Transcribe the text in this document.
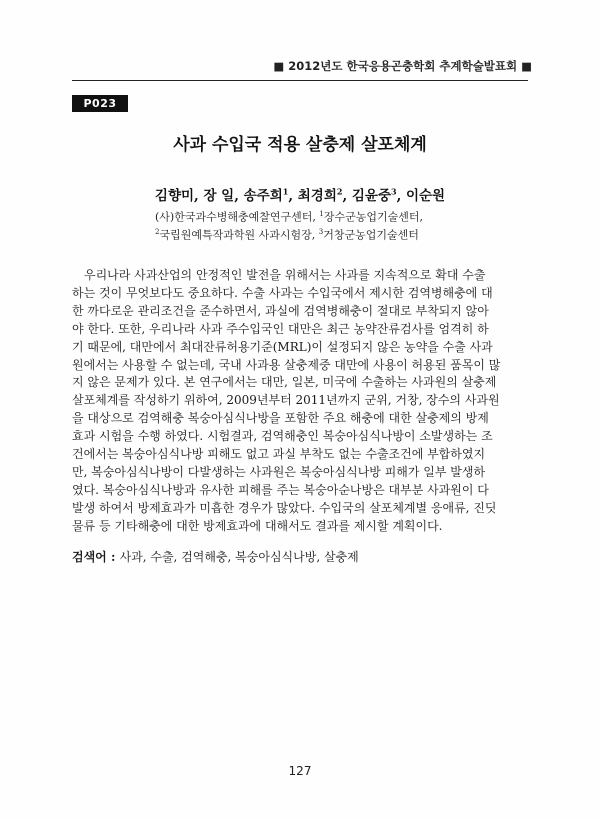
■ 2012년도 한국응용곤충학회 추계학술발표회 ■
P023
사과 수입국 적용 살충제 살포체계
김향미, 장 일, 송주희$^1$, 최경희$^2$, 김윤중$^3$, 이순원
(사)한국과수병해충예찰연구센터, $^1$장수군농업기술센터,
$^2$국립원예특작과학원 사과시험장, $^3$거창군농업기술센터
우리나라 사과산업의 안정적인 발전을 위해서는 사과를 지속적으로 확대 수출
하는 것이 무엇보다도 중요하다. 수출 사과는 수입국에서 제시한 검역병해충에 대
한 까다로운 관리조건을 준수하면서, 과실에 검역병해충이 절대로 부착되지 않아
야 한다. 또한, 우리나라 사과 주수입국인 대만은 최근 농약잔류검사를 엄격히 하
기 때문에, 대만에서 최대잔류허용기준(MRL)이 설정되지 않은 농약을 수출 사과
원에서는 사용할 수 없는데, 국내 사과용 살충제중 대만에 사용이 허용된 품목이 많
지 않은 문제가 있다. 본 연구에서는 대만, 일본, 미국에 수출하는 사과원의 살충제
살포체계를 작성하기 위하여, 2009년부터 2011년까지 군위, 거창, 장수의 사과원
을 대상으로 검역해충 복숭아심식나방을 포함한 주요 해충에 대한 살충제의 방제
효과 시험을 수행 하였다. 시험결과, 검역해충인 복숭아심식나방이 소발생하는 조
건에서는 복숭아심식나방 피해도 없고 과실 부착도 없는 수출조건에 부합하였지
만, 복숭아심식나방이 다발생하는 사과원은 복숭아심식나방 피해가 일부 발생하
였다. 복숭아심식나방과 유사한 피해를 주는 복숭아순나방은 대부분 사과원이 다
발생 하여서 방제효과가 미흡한 경우가 많았다. 수입국의 살포체계별 응애류, 진딧
물류 등 기타해충에 대한 방제효과에 대해서도 결과를 제시할 계획이다.
검색어 : 사과, 수출, 검역해충, 복숭아심식나방, 살충제
127
